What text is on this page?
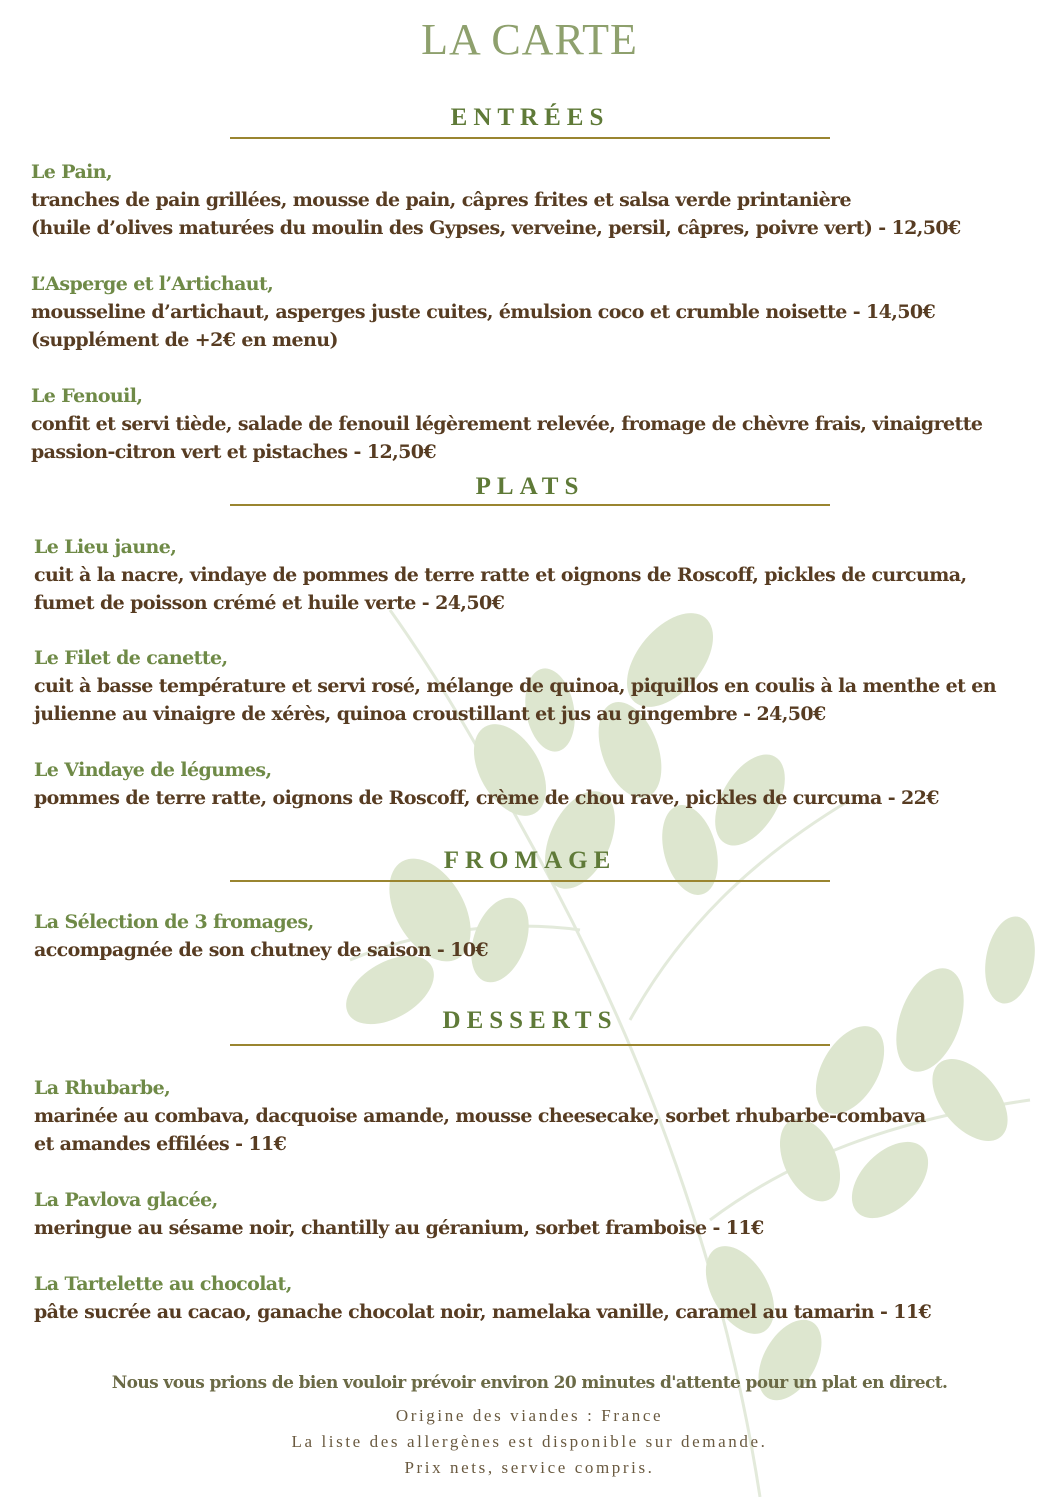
LA CARTE
ENTRÉES
Le Pain,
tranches de pain grillées, mousse de pain, câpres frites et salsa verde printanière
(huile d’olives maturées du moulin des Gypses, verveine, persil, câpres, poivre vert) - 12,50€
L’Asperge et l’Artichaut,
mousseline d’artichaut, asperges juste cuites, émulsion coco et crumble noisette - 14,50€
(supplément de +2€ en menu)
Le Fenouil,
confit et servi tiède, salade de fenouil légèrement relevée, fromage de chèvre frais, vinaigrette
passion-citron vert et pistaches - 12,50€
PLATS
Le Lieu jaune,
cuit à la nacre, vindaye de pommes de terre ratte et oignons de Roscoff, pickles de curcuma,
fumet de poisson crémé et huile verte - 24,50€
Le Filet de canette,
cuit à basse température et servi rosé, mélange de quinoa, piquillos en coulis à la menthe et en
julienne au vinaigre de xérès, quinoa croustillant et jus au gingembre - 24,50€
Le Vindaye de légumes,
pommes de terre ratte, oignons de Roscoff, crème de chou rave, pickles de curcuma - 22€
FROMAGE
La Sélection de 3 fromages,
accompagnée de son chutney de saison - 10€
DESSERTS
La Rhubarbe,
marinée au combava, dacquoise amande, mousse cheesecake, sorbet rhubarbe-combava
et amandes effilées - 11€
La Pavlova glacée,
meringue au sésame noir, chantilly au géranium, sorbet framboise - 11€
La Tartelette au chocolat,
pâte sucrée au cacao, ganache chocolat noir, namelaka vanille, caramel au tamarin - 11€
Nous vous prions de bien vouloir prévoir environ 20 minutes d'attente pour un plat en direct.
Origine des viandes : France
La liste des allergènes est disponible sur demande.
Prix nets, service compris.
